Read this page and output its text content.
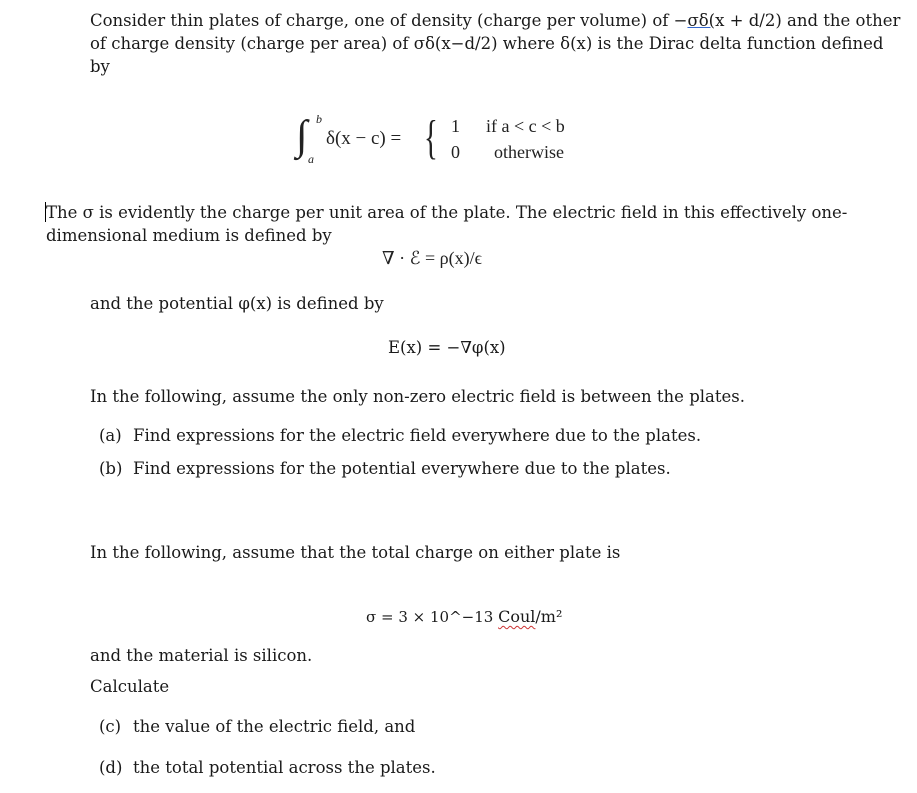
Consider thin plates of charge, one of density (charge per volume) of −σδ(x + d/2) and the other
of charge density (charge per area) of σδ(x−d/2) where δ(x) is the Dirac delta function defined
by
∫ b
a
δ(x − c) = { 1 if a < c < b
0 otherwise
The σ is evidently the charge per unit area of the plate. The electric field in this effectively one-
dimensional medium is defined by
∇ · ℰ = ρ(x)/ϵ
and the potential φ(x) is defined by
E(x) = −∇φ(x)
In the following, assume the only non-zero electric field is between the plates.
(a) Find expressions for the electric field everywhere due to the plates.
(b) Find expressions for the potential everywhere due to the plates.
In the following, assume that the total charge on either plate is
σ = 3 × 10^−13 Coul/m²
and the material is silicon.
Calculate
(c) the value of the electric field, and
(d) the total potential across the plates.
